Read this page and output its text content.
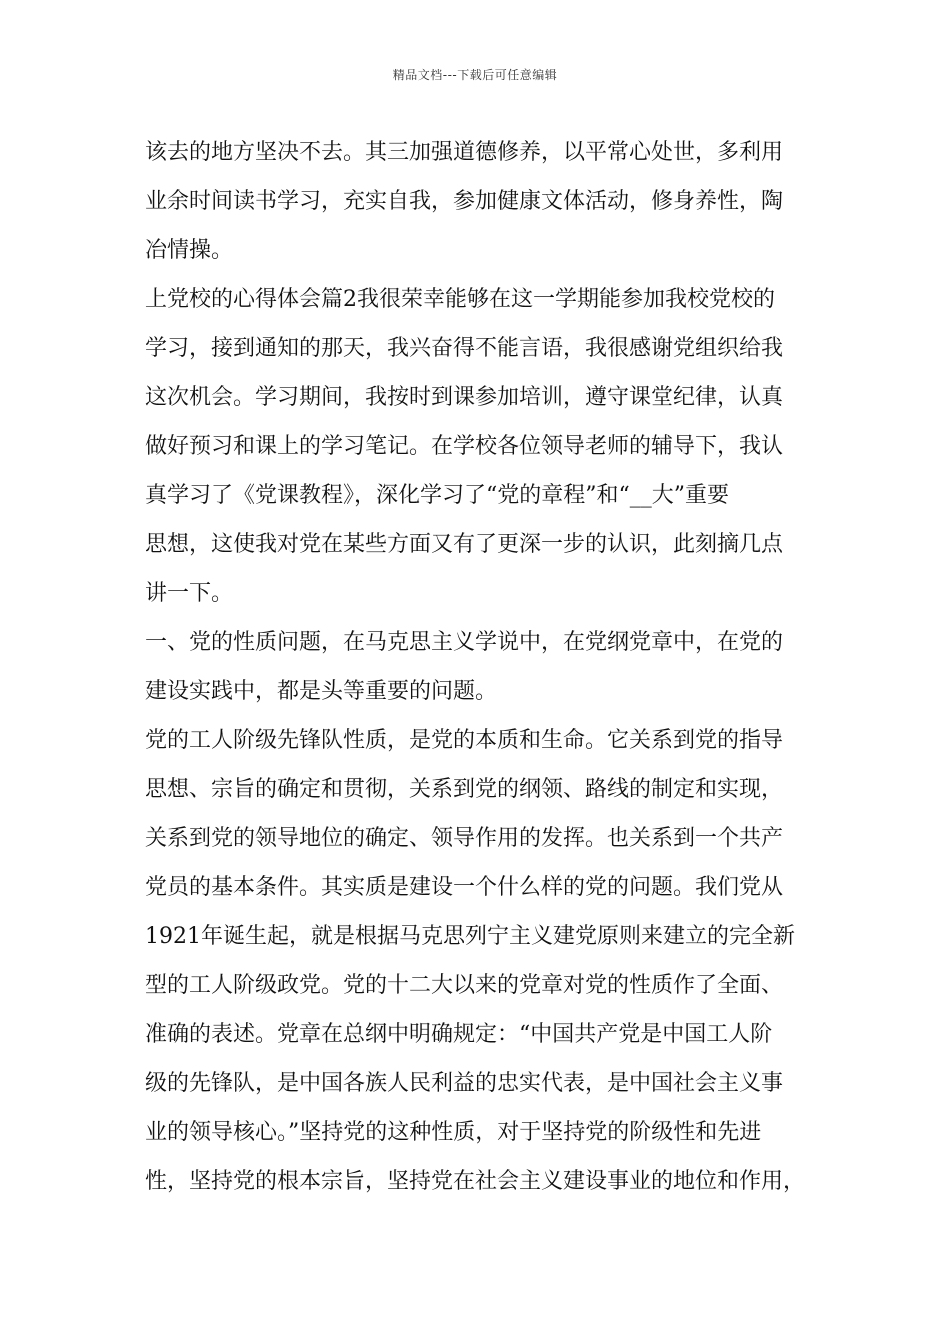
精品文档---下载后可任意编辑
该去的地方坚决不去。其三加强道德修养，以平常心处世，多利用
业余时间读书学习，充实自我，参加健康文体活动，修身养性，陶
冶情操。
上党校的心得体会篇2我很荣幸能够在这一学期能参加我校党校的
学习，接到通知的那天，我兴奋得不能言语，我很感谢党组织给我
这次机会。学习期间，我按时到课参加培训，遵守课堂纪律，认真
做好预习和课上的学习笔记。在学校各位领导老师的辅导下，我认
真学习了《党课教程》，深化学习了“党的章程”和“__大”重要
思想，这使我对党在某些方面又有了更深一步的认识，此刻摘几点
讲一下。
一、党的性质问题，在马克思主义学说中，在党纲党章中，在党的
建设实践中，都是头等重要的问题。
党的工人阶级先锋队性质，是党的本质和生命。它关系到党的指导
思想、宗旨的确定和贯彻，关系到党的纲领、路线的制定和实现，
关系到党的领导地位的确定、领导作用的发挥。也关系到一个共产
党员的基本条件。其实质是建设一个什么样的党的问题。我们党从
1921年诞生起，就是根据马克思列宁主义建党原则来建立的完全新
型的工人阶级政党。党的十二大以来的党章对党的性质作了全面、
准确的表述。党章在总纲中明确规定：“中国共产党是中国工人阶
级的先锋队，是中国各族人民利益的忠实代表，是中国社会主义事
业的领导核心。”坚持党的这种性质，对于坚持党的阶级性和先进
性，坚持党的根本宗旨，坚持党在社会主义建设事业的地位和作用，
